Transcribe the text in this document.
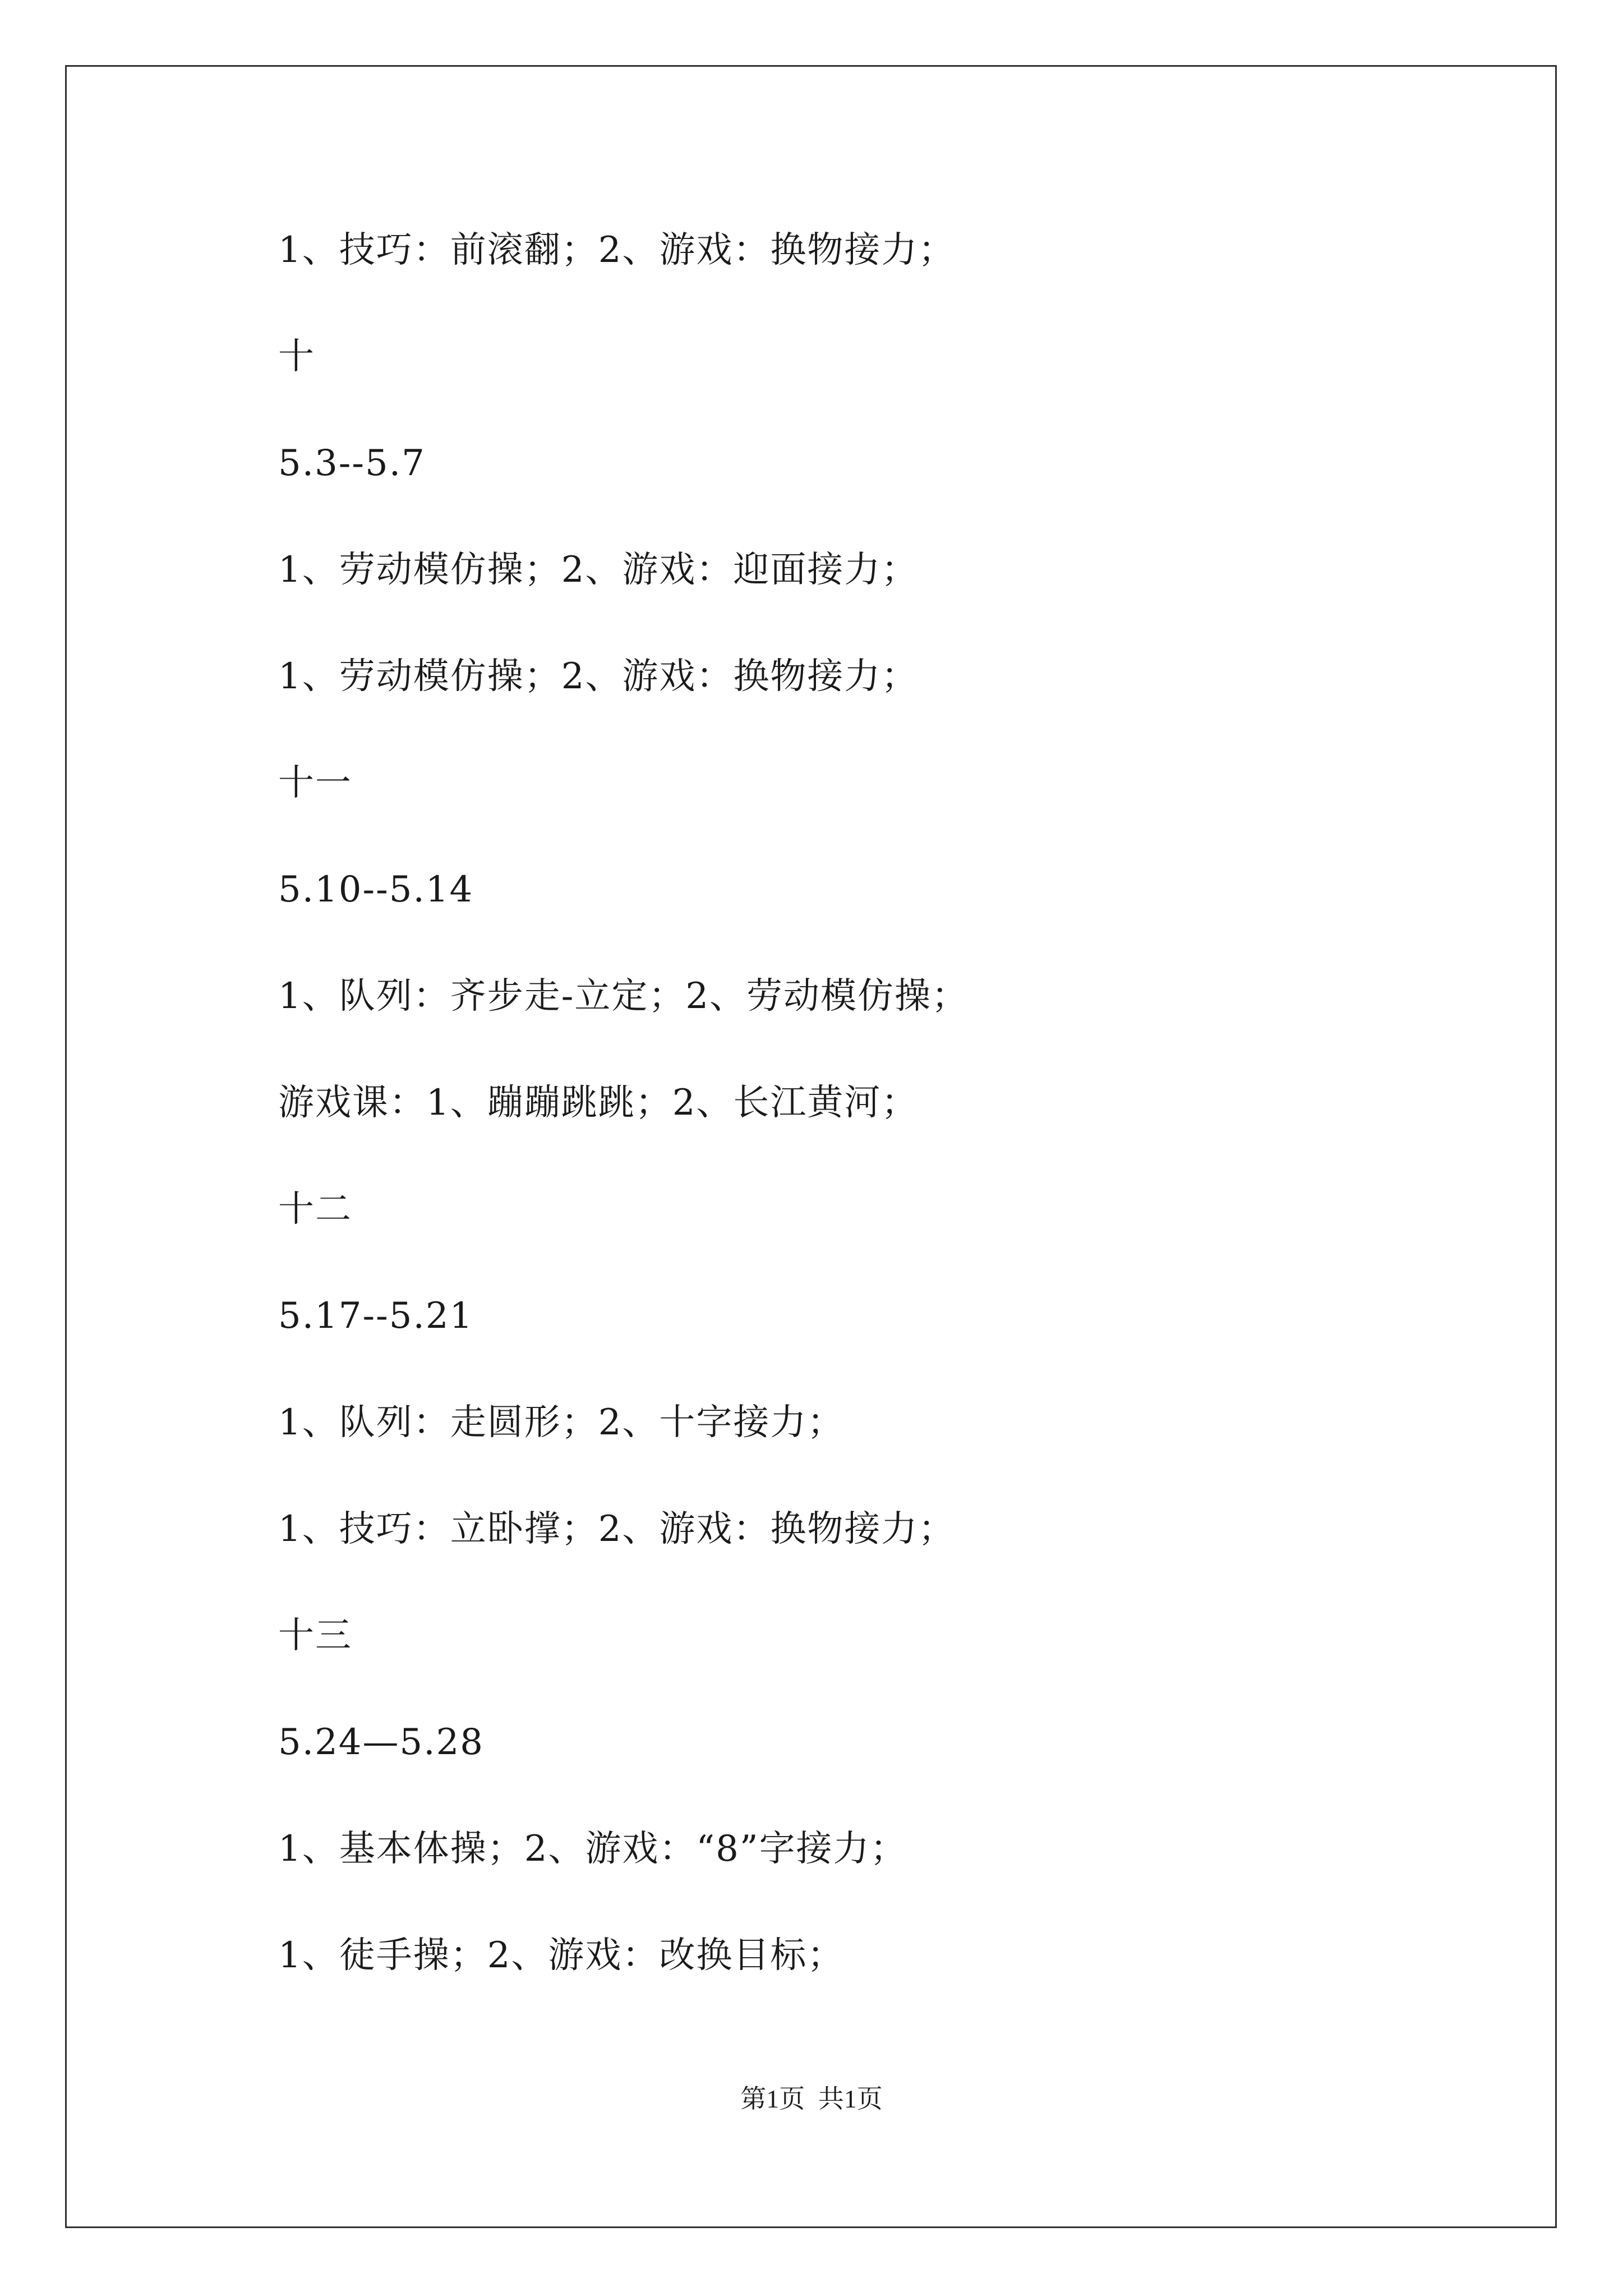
1、技巧：前滚翻；2、游戏：换物接力；
十
5.3--5.7
1、劳动模仿操；2、游戏：迎面接力；
1、劳动模仿操；2、游戏：换物接力；
十一
5.10--5.14
1、队列：齐步走-立定；2、劳动模仿操；
游戏课：1、蹦蹦跳跳；2、长江黄河；
十二
5.17--5.21
1、队列：走圆形；2、十字接力；
1、技巧：立卧撑；2、游戏：换物接力；
十三
5.24—5.28
1、基本体操；2、游戏：“8”字接力；
1、徒手操；2、游戏：改换目标；
第1页 共1页
